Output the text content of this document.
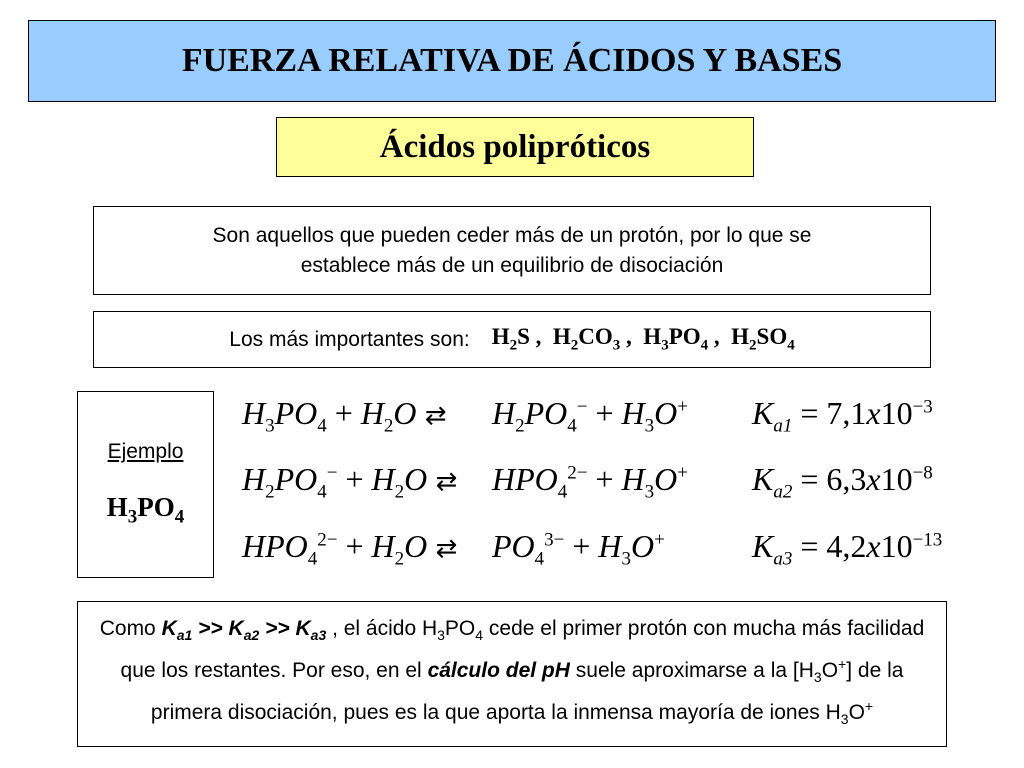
FUERZA RELATIVA DE ÁCIDOS Y BASES
Ácidos polipróticos
Son aquellos que pueden ceder más de un protón, por lo que se
establece más de un equilibrio de disociación
Los más importantes son: $H_2S$ ,  $H_2CO_3$ ,  $H_3PO_4$ ,  $H_2SO_4$
Ejemplo
$H_3PO_4$
$H_3PO_4 + H_2O$ ⇄ $H_2PO_4^- + H_3O^+$ $K_{a1} = 7,1x10^{-3}$
$H_2PO_4^- + H_2O$ ⇄ $HPO_4^{2-} + H_3O^+$ $K_{a2} = 6,3x10^{-8}$
$HPO_4^{2-} + H_2O$ ⇄ $PO_4^{3-} + H_3O^+$	$K_{a3} = 4,2x10^{-13}$
Como $K_{a1} >> K_{a2} >> K_{a3}$ , el ácido $H_3PO_4$ cede el primer protón con mucha más facilidad que los restantes. Por eso, en el cálculo del pH suele aproximarse a la $[H_3O^+]$ de la primera disociación, pues es la que aporta la inmensa mayoría de iones $H_3O^+$
